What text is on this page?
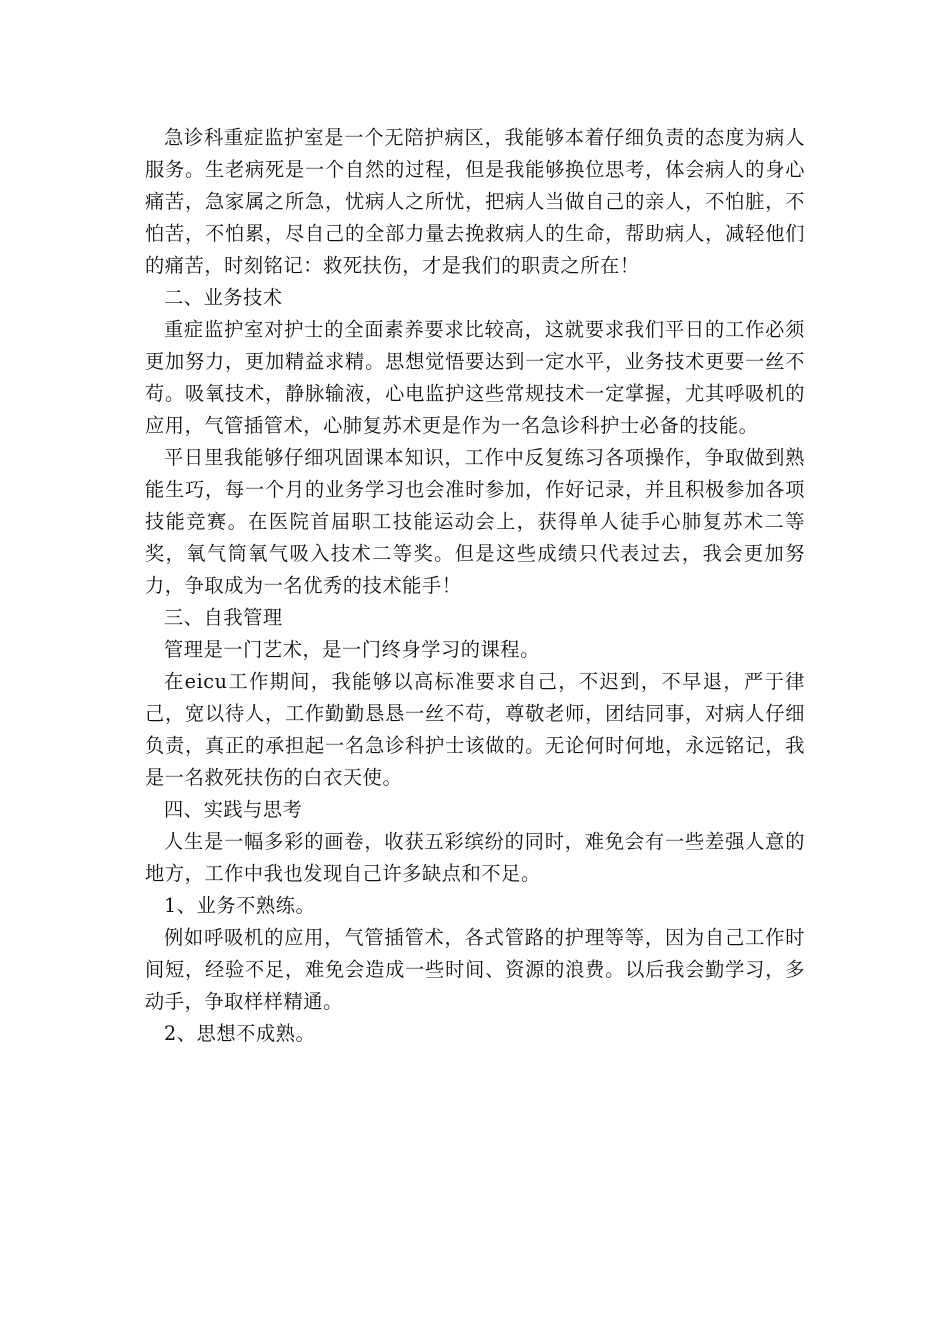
急诊科重症监护室是一个无陪护病区，我能够本着仔细负责的态度为病人服务。生老病死是一个自然的过程，但是我能够换位思考，体会病人的身心痛苦，急家属之所急，忧病人之所忧，把病人当做自己的亲人，不怕脏，不怕苦，不怕累，尽自己的全部力量去挽救病人的生命，帮助病人，减轻他们的痛苦，时刻铭记：救死扶伤，才是我们的职责之所在！

二、业务技术

重症监护室对护士的全面素养要求比较高，这就要求我们平日的工作必须更加努力，更加精益求精。思想觉悟要达到一定水平，业务技术更要一丝不苟。吸氧技术，静脉输液，心电监护这些常规技术一定掌握，尤其呼吸机的应用，气管插管术，心肺复苏术更是作为一名急诊科护士必备的技能。

平日里我能够仔细巩固课本知识，工作中反复练习各项操作，争取做到熟能生巧，每一个月的业务学习也会准时参加，作好记录，并且积极参加各项技能竞赛。在医院首届职工技能运动会上，获得单人徒手心肺复苏术二等奖，氧气筒氧气吸入技术二等奖。但是这些成绩只代表过去，我会更加努力，争取成为一名优秀的技术能手！

三、自我管理

管理是一门艺术，是一门终身学习的课程。

在eicu工作期间，我能够以高标准要求自己，不迟到，不早退，严于律己，宽以待人，工作勤勤恳恳一丝不苟，尊敬老师，团结同事，对病人仔细负责，真正的承担起一名急诊科护士该做的。无论何时何地，永远铭记，我是一名救死扶伤的白衣天使。

四、实践与思考

人生是一幅多彩的画卷，收获五彩缤纷的同时，难免会有一些差强人意的地方，工作中我也发现自己许多缺点和不足。

1、业务不熟练。

例如呼吸机的应用，气管插管术，各式管路的护理等等，因为自己工作时间短，经验不足，难免会造成一些时间、资源的浪费。以后我会勤学习，多动手，争取样样精通。

2、思想不成熟。
